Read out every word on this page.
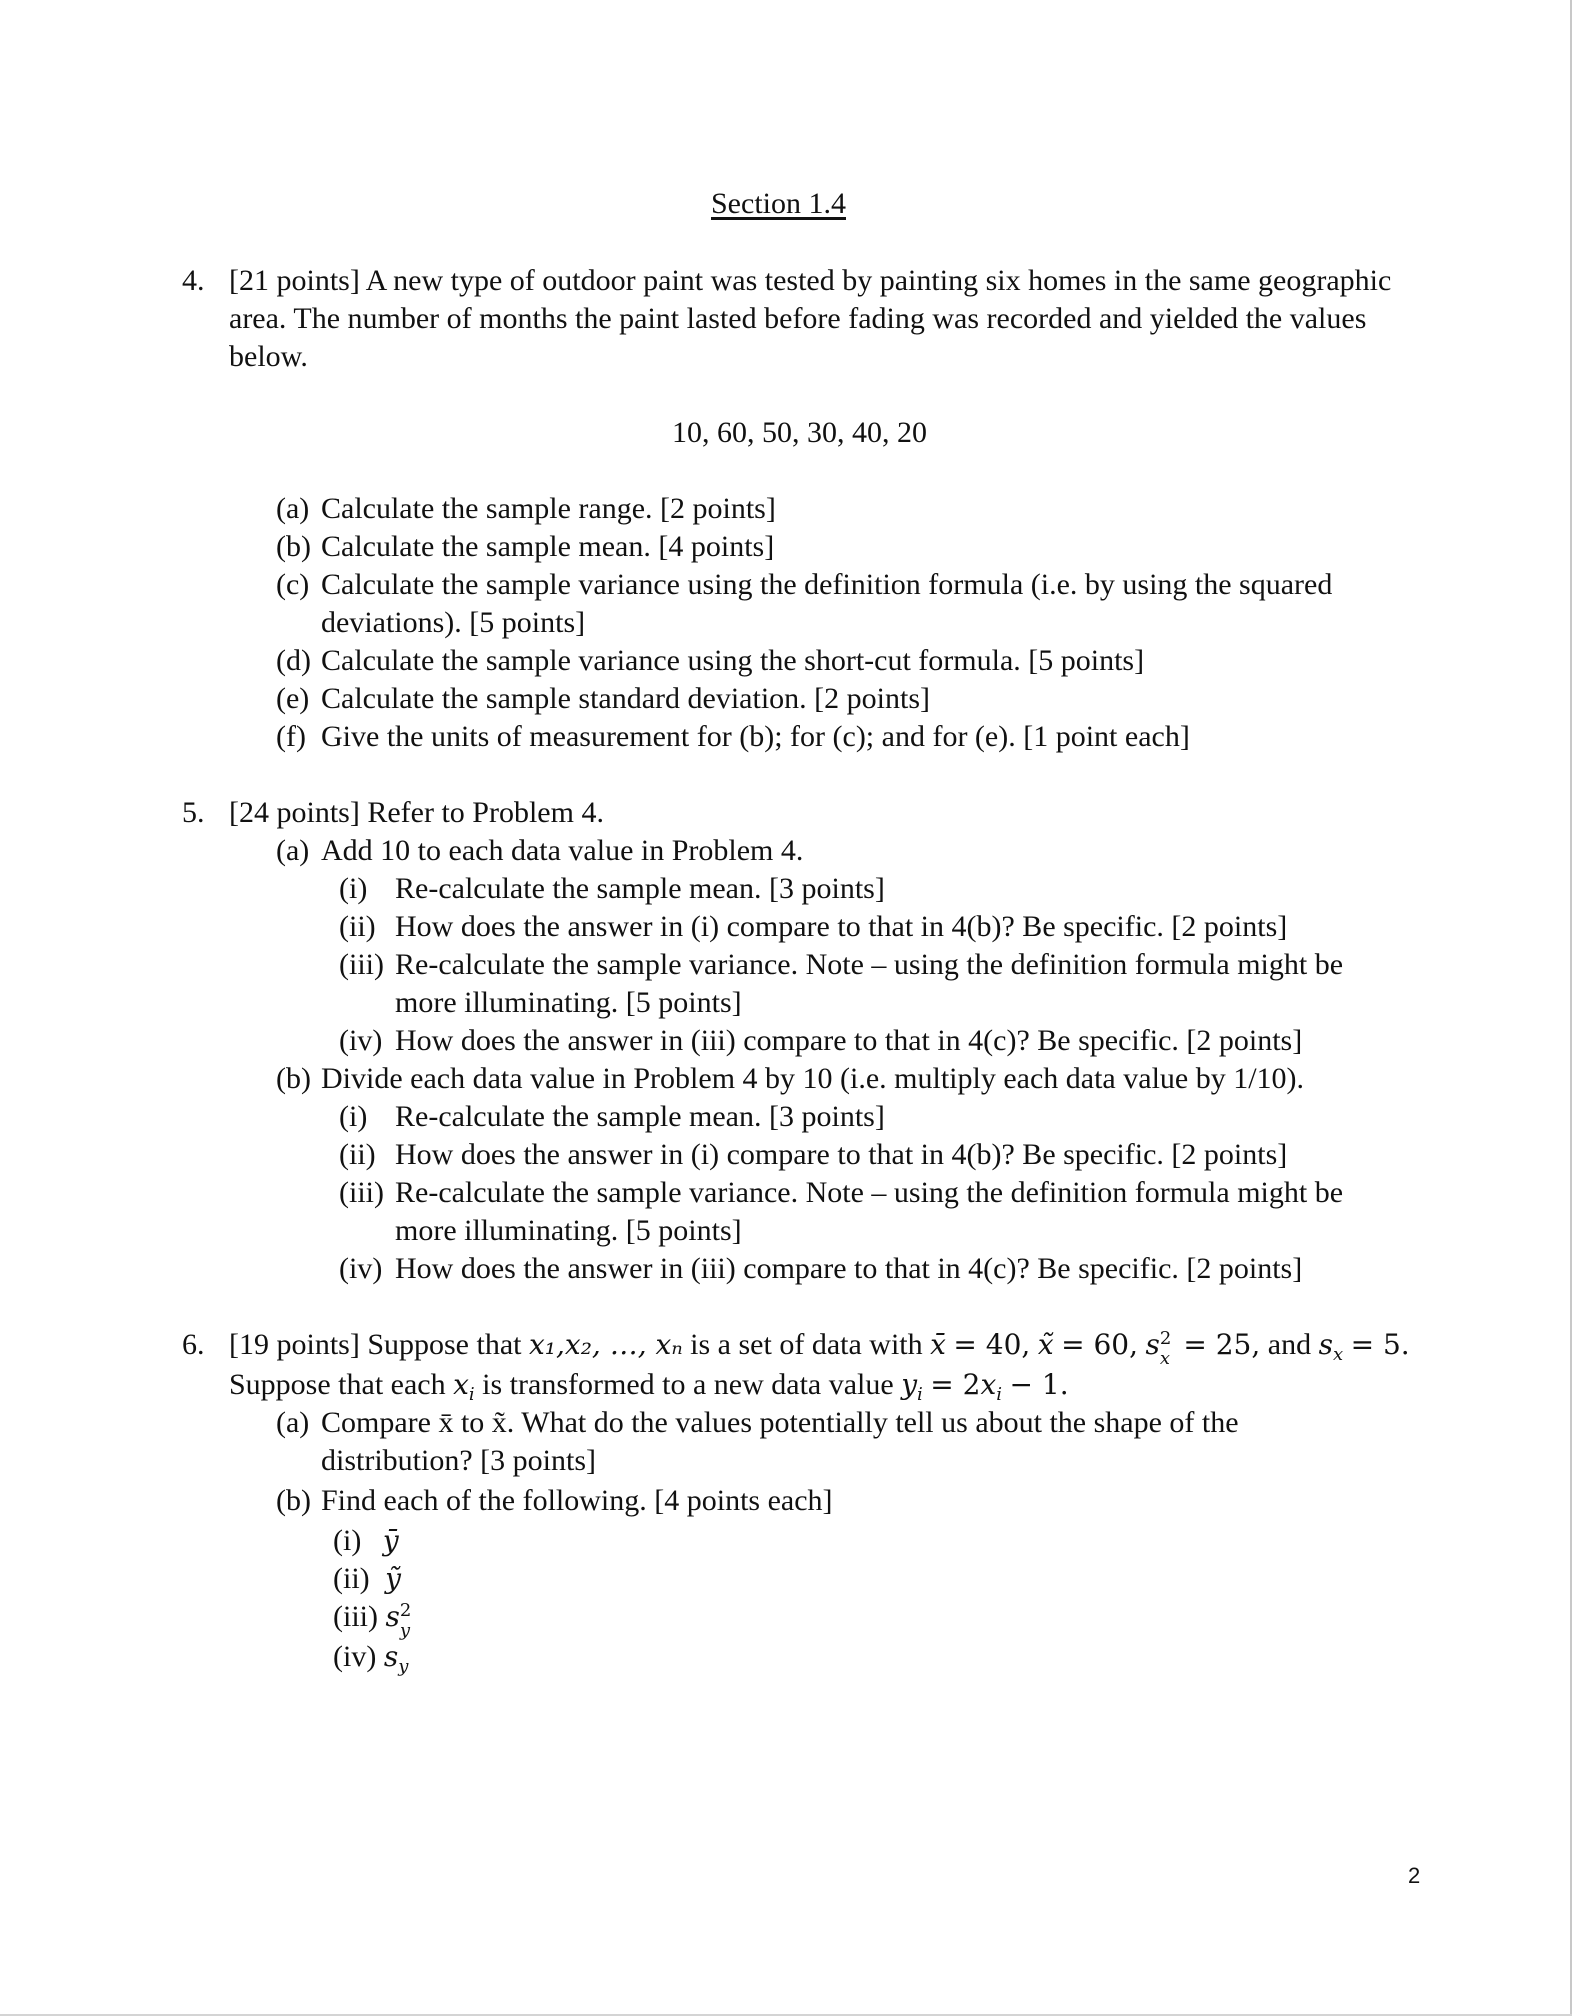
Section 1.4
4. [21 points] A new type of outdoor paint was tested by painting six homes in the same geographic
area. The number of months the paint lasted before fading was recorded and yielded the values
below.
10, 60, 50, 30, 40, 20
(a) Calculate the sample range. [2 points]
(b) Calculate the sample mean. [4 points]
(c) Calculate the sample variance using the definition formula (i.e. by using the squared
deviations). [5 points]
(d) Calculate the sample variance using the short-cut formula. [5 points]
(e) Calculate the sample standard deviation. [2 points]
(f) Give the units of measurement for (b); for (c); and for (e). [1 point each]
5. [24 points] Refer to Problem 4.
(a) Add 10 to each data value in Problem 4.
(i) Re-calculate the sample mean. [3 points]
(ii) How does the answer in (i) compare to that in 4(b)? Be specific. [2 points]
(iii) Re-calculate the sample variance. Note – using the definition formula might be
more illuminating. [5 points]
(iv) How does the answer in (iii) compare to that in 4(c)? Be specific. [2 points]
(b) Divide each data value in Problem 4 by 10 (i.e. multiply each data value by 1/10).
(i) Re-calculate the sample mean. [3 points]
(ii) How does the answer in (i) compare to that in 4(b)? Be specific. [2 points]
(iii) Re-calculate the sample variance. Note – using the definition formula might be
more illuminating. [5 points]
(iv) How does the answer in (iii) compare to that in 4(c)? Be specific. [2 points]
6. [19 points] Suppose that x₁,x₂, …, xₙ is a set of data with x̄ = 40, x̃ = 60, s 2
x = 25, and $s_x = 5$.
Suppose that each $x_i$ is transformed to a new data value $y_i = 2x_i - 1$.
(a) Compare x̄ to x̃. What do the values potentially tell us about the shape of the
distribution? [3 points]
(b) Find each of the following. [4 points each]
(i) ȳ
(ii) ỹ
(iii) s 2
y
(iv) $s_y$
2
